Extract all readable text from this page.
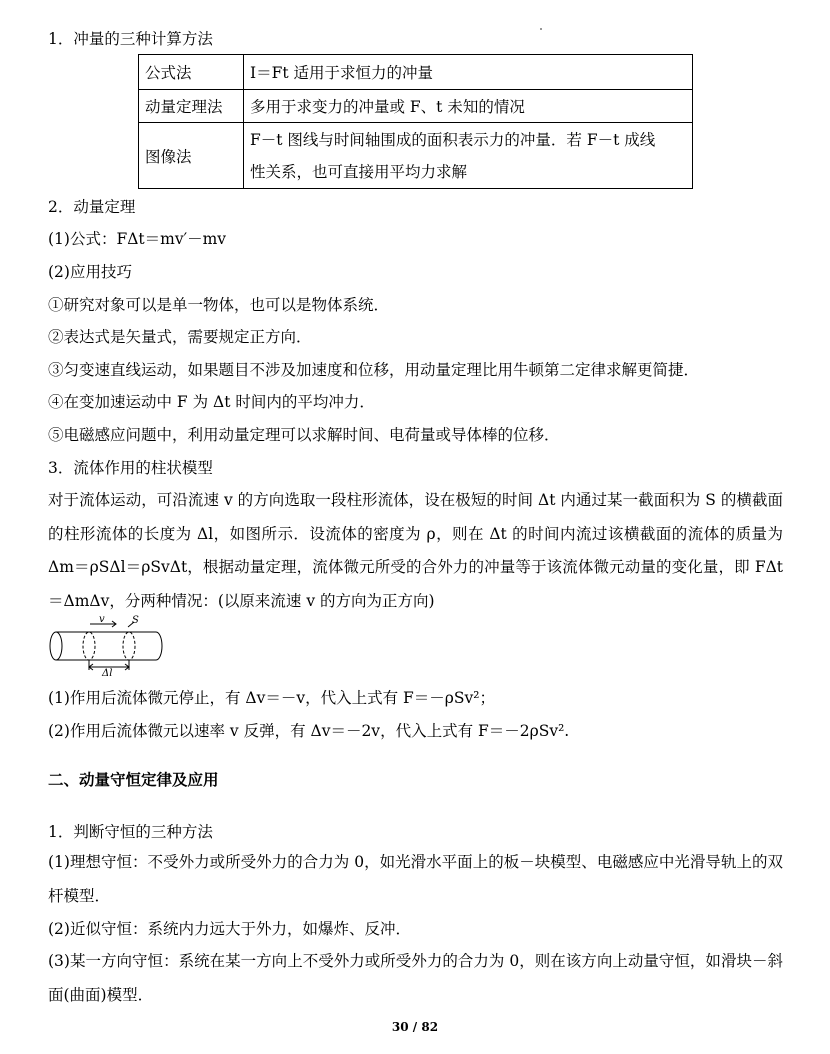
1．冲量的三种计算方法
公式法	I＝Ft 适用于求恒力的冲量
动量定理法	多用于求变力的冲量或 F、t 未知的情况
图像法	F－t 图线与时间轴围成的面积表示力的冲量．若 F－t 成线
性关系，也可直接用平均力求解
2．动量定理
(1)公式：FΔt＝mv′－mv
(2)应用技巧
①研究对象可以是单一物体，也可以是物体系统．
②表达式是矢量式，需要规定正方向．
③匀变速直线运动，如果题目不涉及加速度和位移，用动量定理比用牛顿第二定律求解更简捷．
④在变加速运动中 F 为 Δt 时间内的平均冲力．
⑤电磁感应问题中，利用动量定理可以求解时间、电荷量或导体棒的位移．
3．流体作用的柱状模型
对于流体运动，可沿流速 v 的方向选取一段柱形流体，设在极短的时间 Δt 内通过某一截面积为 S 的横截面的柱形流体的长度为 Δl，如图所示．设流体的密度为 ρ，则在 Δt 的时间内流过该横截面的流体的质量为 Δm＝ρSΔl＝ρSvΔt，根据动量定理，流体微元所受的合外力的冲量等于该流体微元动量的变化量，即 FΔt＝ΔmΔv，分两种情况：(以原来流速 v 的方向为正方向)
v	S
Δl
(1)作用后流体微元停止，有 Δv＝－v，代入上式有 F＝－ρSv²；
(2)作用后流体微元以速率 v 反弹，有 Δv＝－2v，代入上式有 F＝－2ρSv².
二、动量守恒定律及应用
1．判断守恒的三种方法
(1)理想守恒：不受外力或所受外力的合力为 0，如光滑水平面上的板－块模型、电磁感应中光滑导轨上的双杆模型．
(2)近似守恒：系统内力远大于外力，如爆炸、反冲．
(3)某一方向守恒：系统在某一方向上不受外力或所受外力的合力为 0，则在该方向上动量守恒，如滑块－斜面(曲面)模型．
30 / 82
